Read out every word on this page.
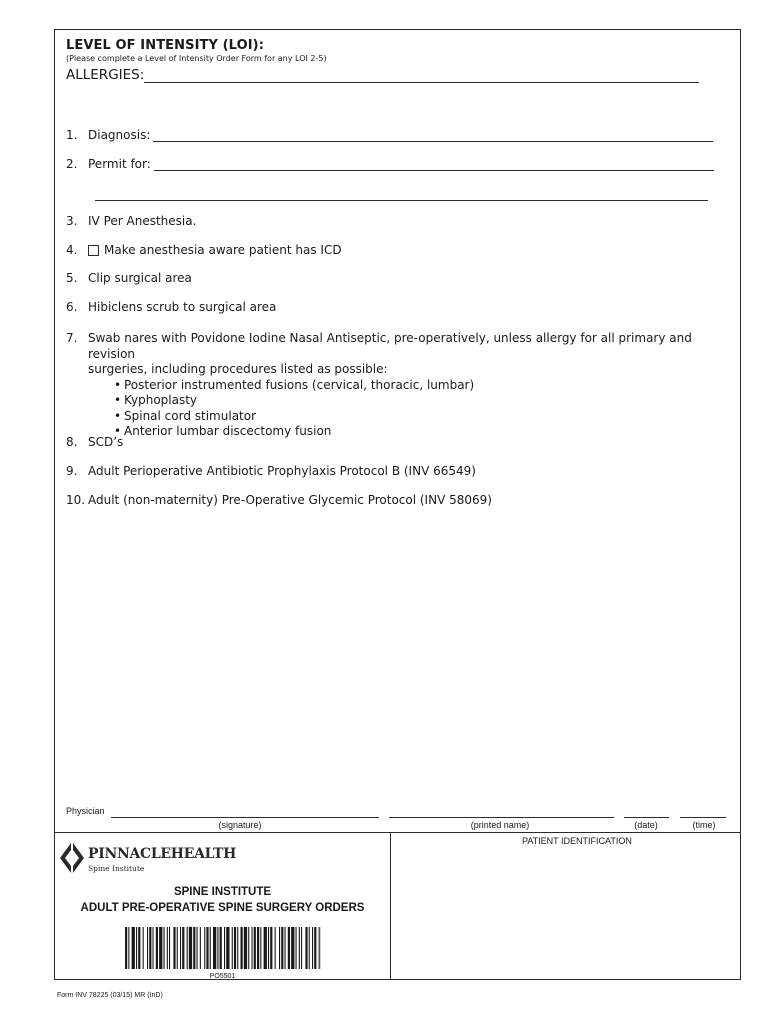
LEVEL OF INTENSITY (LOI):
(Please complete a Level of Intensity Order Form for any LOI 2-5)
ALLERGIES:
1. Diagnosis:
2. Permit for:
3. IV Per Anesthesia.
4.	Make anesthesia aware patient has ICD
5. Clip surgical area
6. Hibiclens scrub to surgical area
7. Swab nares with Povidone Iodine Nasal Antiseptic, pre-operatively, unless allergy for all primary and revision
surgeries, including procedures listed as possible:
• Posterior instrumented fusions (cervical, thoracic, lumbar)
• Kyphoplasty
• Spinal cord stimulator
• Anterior lumbar discectomy fusion
8. SCD’s
9. Adult Perioperative Antibiotic Prophylaxis Protocol B (INV 66549)
10. Adult (non-maternity) Pre-Operative Glycemic Protocol (INV 58069)
Physician
(signature)	(printed name)	(date)	(time)
PATIENT IDENTIFICATION
PINNACLEHEALTH
Spine Institute
SPINE INSTITUTE
ADULT PRE-OPERATIVE SPINE SURGERY ORDERS
PO5501
Form INV 78225 (03/15) MR (InD)
